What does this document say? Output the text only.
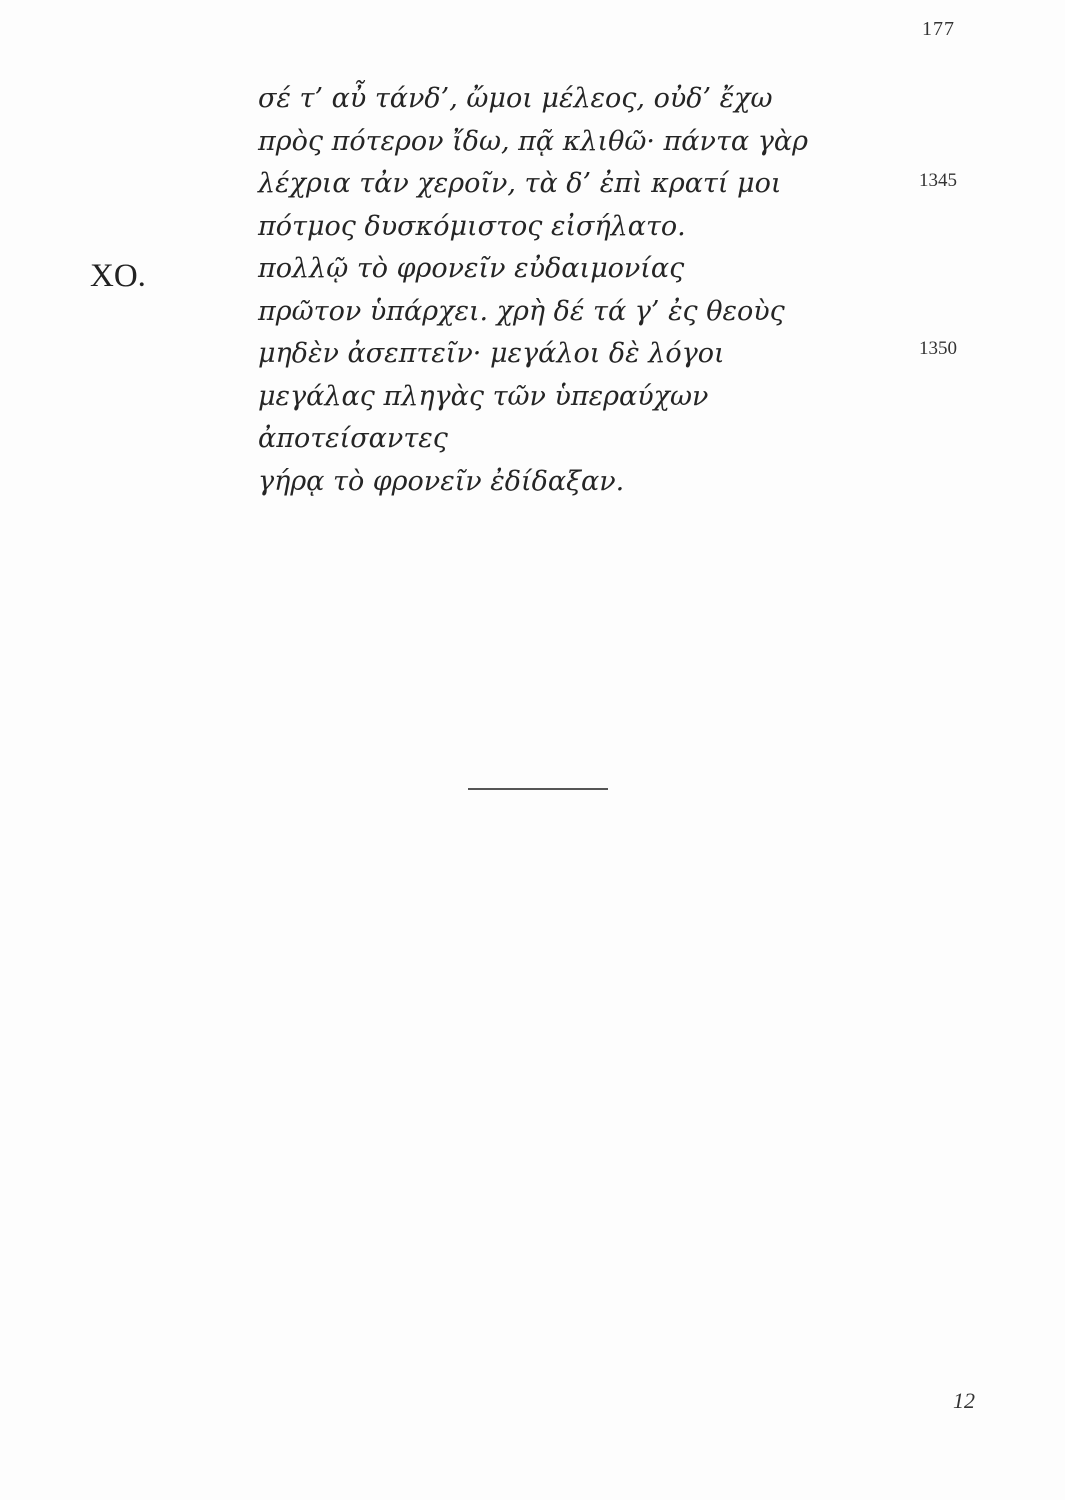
177
ΧΟ.
σέ τ’ αὖ τάνδ’, ὤμοι μέλεος, οὐδ’ ἔχω
πρὸς πότερον ἴδω, πᾷ κλιθῶ· πάντα γὰρ
λέχρια τἀν χεροῖν, τὰ δ’ ἐπὶ κρατί μοι
πότμος δυσκόμιστος εἰσήλατο.
πολλῷ τὸ φρονεῖν εὐδαιμονίας
πρῶτον ὑπάρχει. χρὴ δέ τά γ’ ἐς θεοὺς
μηδὲν ἀσεπτεῖν· μεγάλοι δὲ λόγοι
μεγάλας πληγὰς τῶν ὑπεραύχων
ἀποτείσαντες
γήρᾳ τὸ φρονεῖν ἐδίδαξαν.
1345
1350
12
